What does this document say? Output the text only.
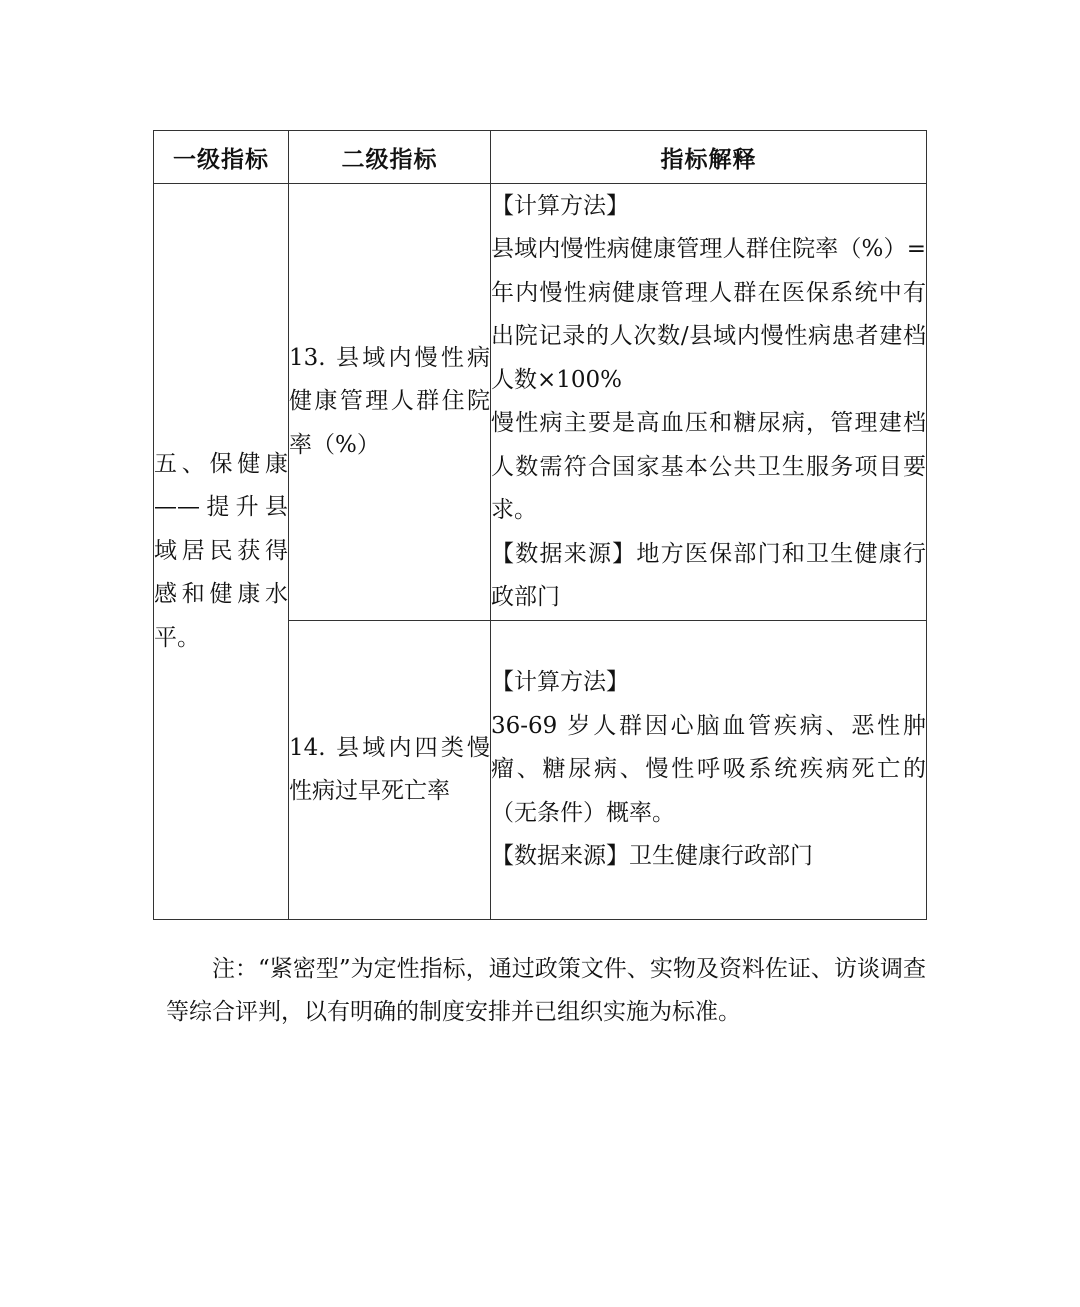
一级指标	二级指标	指标解释
五、保健康——提升县域居民获得感和健康水平。	13. 县域内慢性病健康管理人群住院率（%）	【计算方法】
县域内慢性病健康管理人群住院率（%）=年内慢性病健康管理人群在医保系统中有出院记录的人次数/县域内慢性病患者建档人数×100%
慢性病主要是高血压和糖尿病，管理建档人数需符合国家基本公共卫生服务项目要求。
【数据来源】地方医保部门和卫生健康行政部门

	14. 县域内四类慢性病过早死亡率	【计算方法】
36-69 岁人群因心脑血管疾病、恶性肿瘤、糖尿病、慢性呼吸系统疾病死亡的（无条件）概率。
【数据来源】卫生健康行政部门

注：“紧密型”为定性指标，通过政策文件、实物及资料佐证、访谈调查等综合评判，以有明确的制度安排并已组织实施为标准。
